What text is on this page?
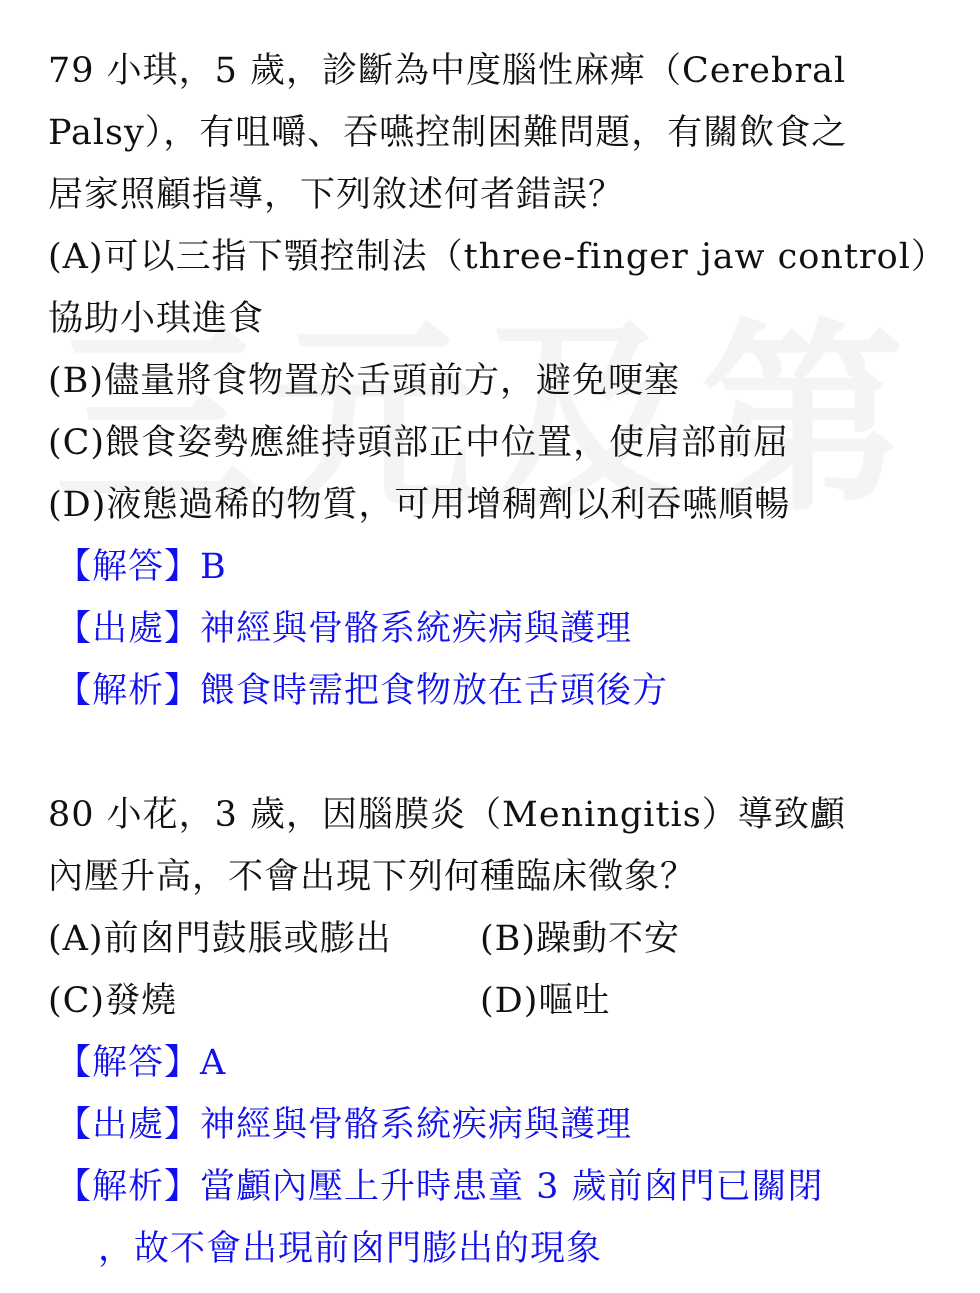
79 小琪，5 歲，診斷為中度腦性麻痺（Cerebral
Palsy），有咀嚼、吞嚥控制困難問題，有關飲食之
居家照顧指導，下列敘述何者錯誤？
(A)可以三指下顎控制法（three-finger jaw control）
協助小琪進食
(B)儘量將食物置於舌頭前方，避免哽塞
(C)餵食姿勢應維持頭部正中位置，使肩部前屈
(D)液態過稀的物質，可用增稠劑以利吞嚥順暢
【解答】B
【出處】神經與骨骼系統疾病與護理
【解析】餵食時需把食物放在舌頭後方
80 小花，3 歲，因腦膜炎（Meningitis）導致顱
內壓升高，不會出現下列何種臨床徵象？
(A)前囪門鼓脹或膨出	(B)躁動不安
(C)發燒	(D)嘔吐
【解答】A
【出處】神經與骨骼系統疾病與護理
【解析】當顱內壓上升時患童 3 歲前囪門已關閉
，故不會出現前囪門膨出的現象
